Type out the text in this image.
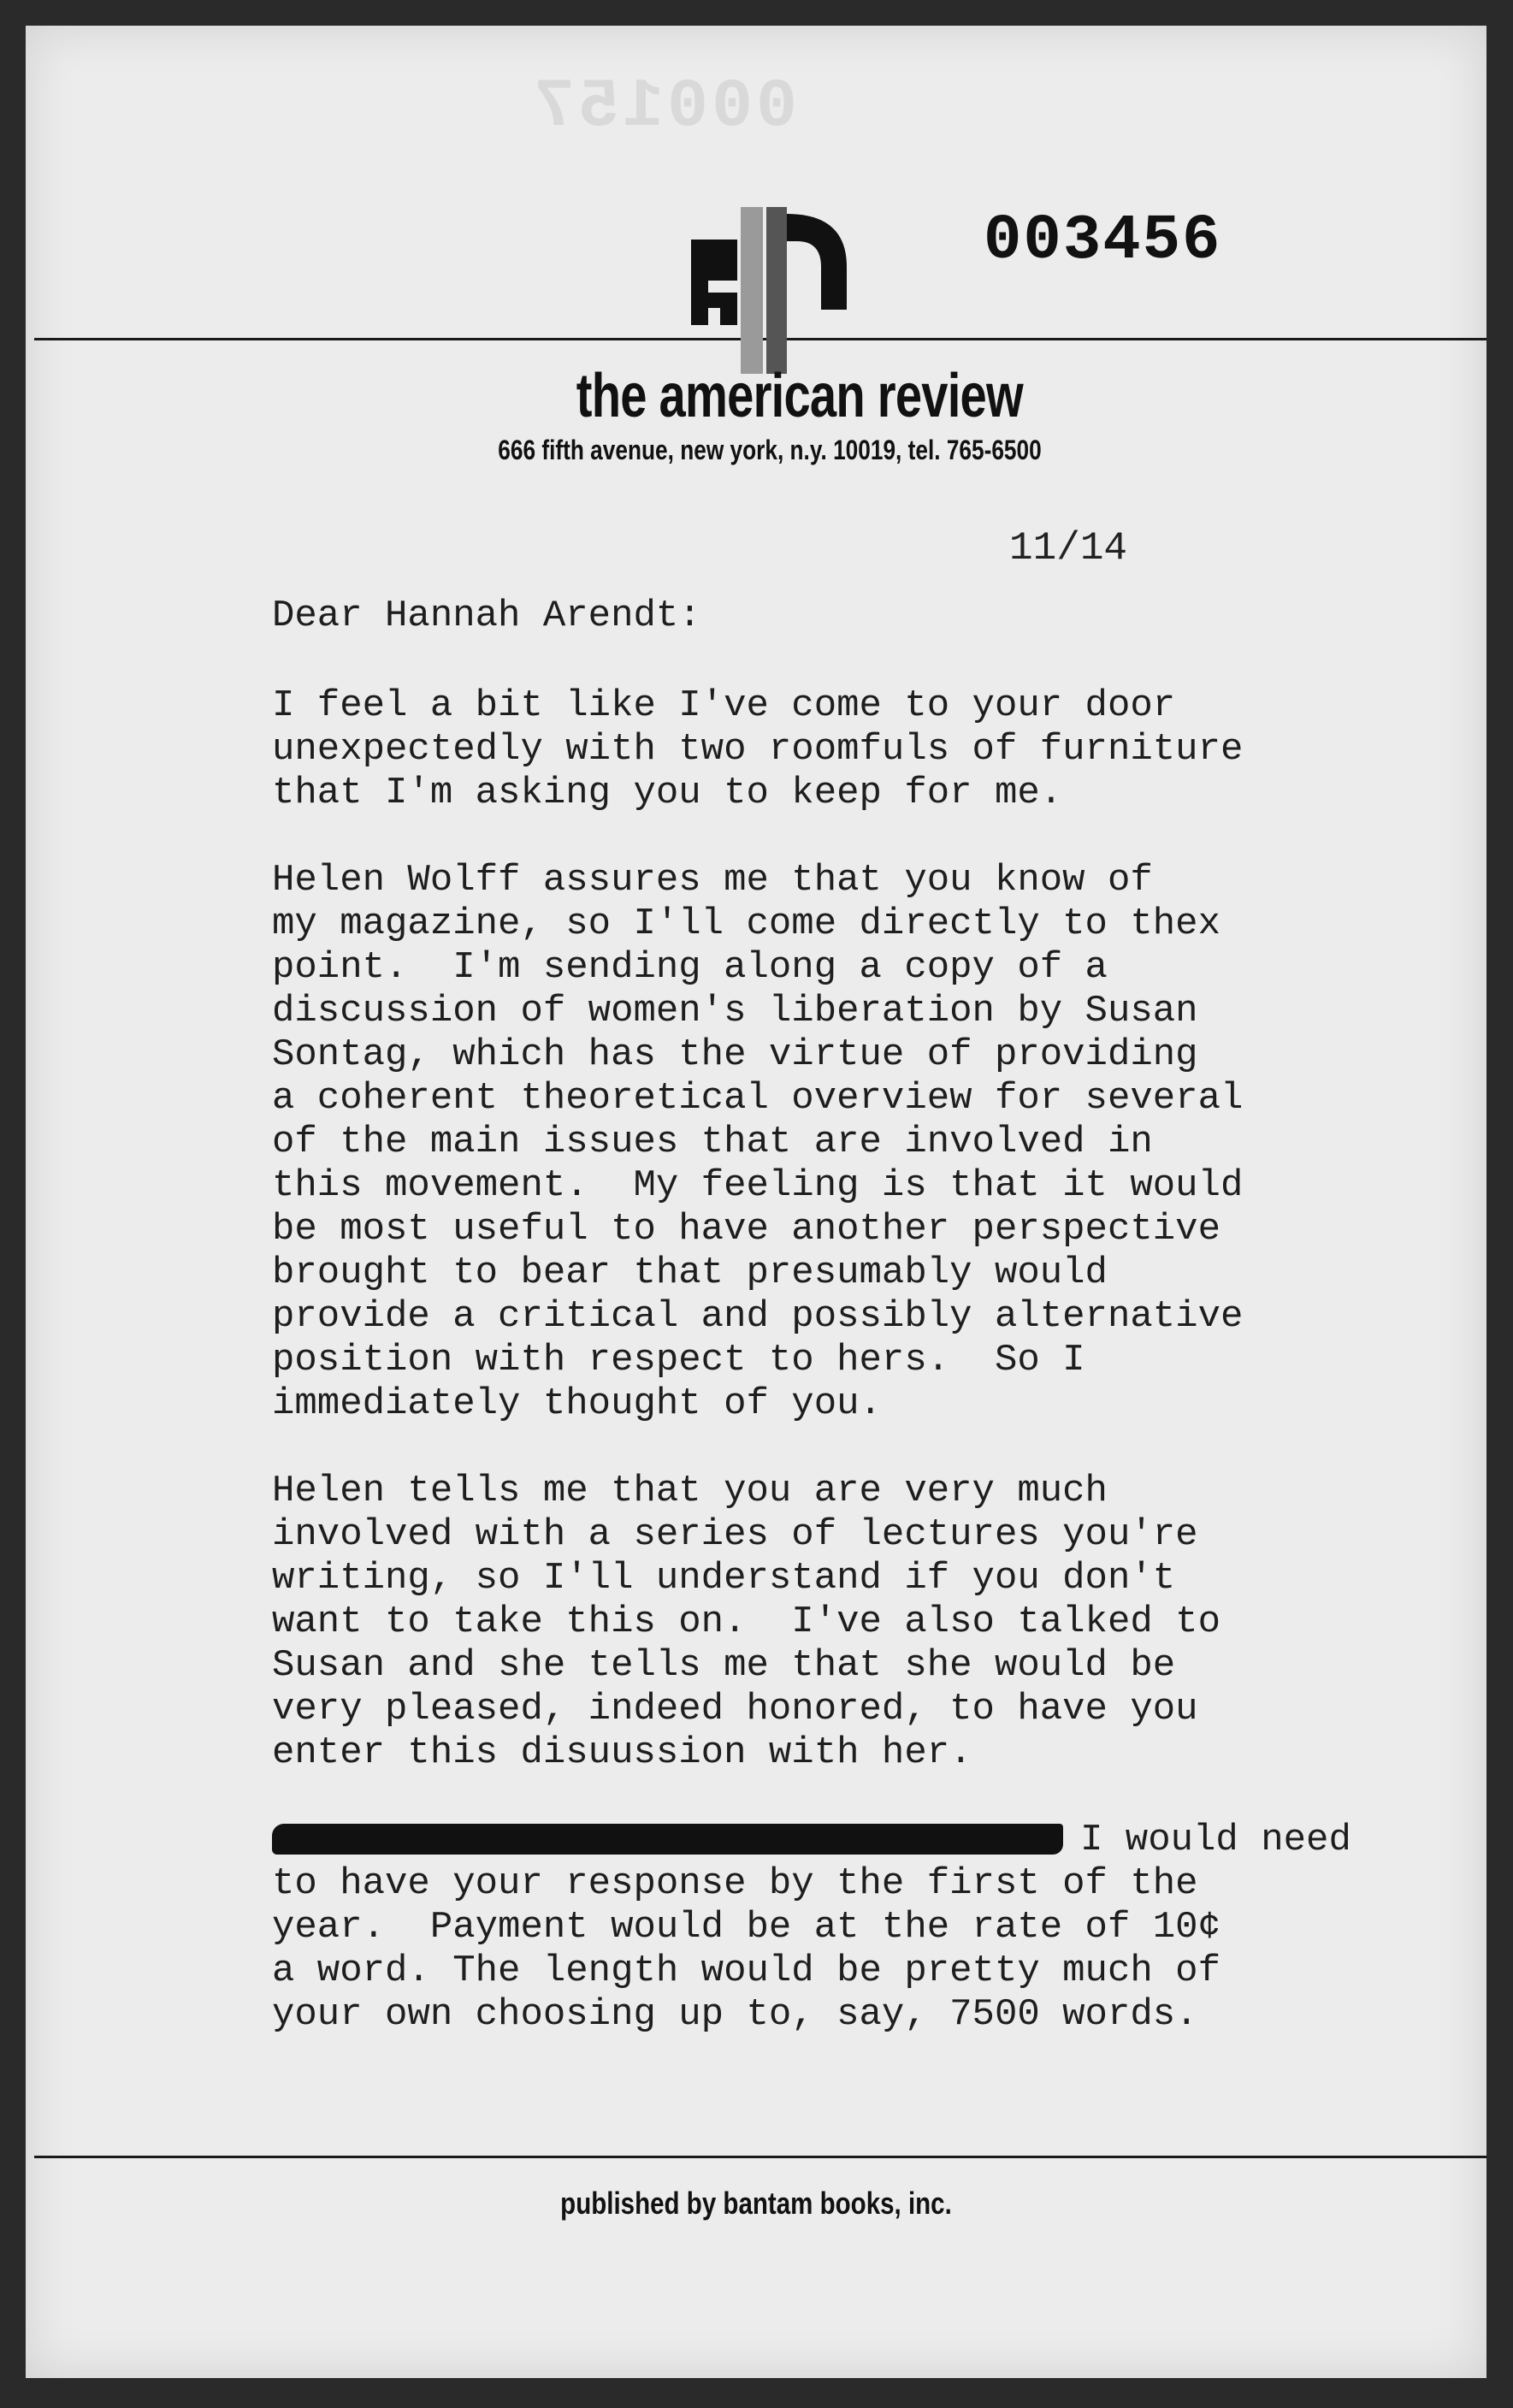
000157
003456
the american review
666 fifth avenue, new york, n.y. 10019, tel. 765-6500
11/14
Dear Hannah Arendt:
I feel a bit like I've come to your door
unexpectedly with two roomfuls of furniture
that I'm asking you to keep for me.
Helen Wolff assures me that you know of
my magazine, so I'll come directly to thex
point.  I'm sending along a copy of a
discussion of women's liberation by Susan
Sontag, which has the virtue of providing
a coherent theoretical overview for several
of the main issues that are involved in
this movement.  My feeling is that it would
be most useful to have another perspective
brought to bear that presumably would
provide a critical and possibly alternative
position with respect to hers.  So I
immediately thought of you.
Helen tells me that you are very much
involved with a series of lectures you're
writing, so I'll understand if you don't
want to take this on.  I've also talked to
Susan and she tells me that she would be
very pleased, indeed honored, to have you
enter this disuussion with her.
I would need
to have your response by the first of the
year.  Payment would be at the rate of 10¢
a word. The length would be pretty much of
your own choosing up to, say, 7500 words.
published by bantam books, inc.
